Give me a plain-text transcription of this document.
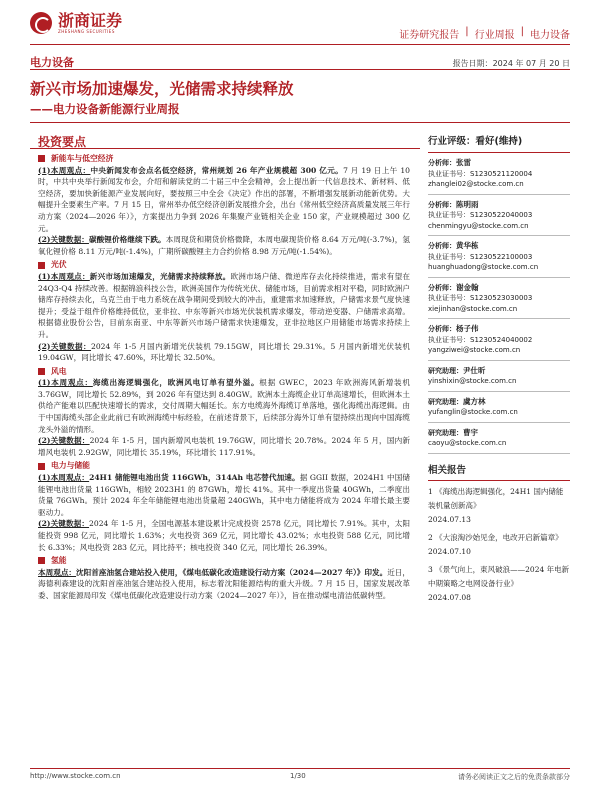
浙商证券
ZHESHANG SECURITIES	证券研究报告 | 行业周报 | 电力设备
电力设备	报告日期：2024 年 07 月 20 日
新兴市场加速爆发，光储需求持续释放
——电力设备新能源行业周报
投资要点
新能车与低空经济
(1)本周观点：中央新闻发布会点名低空经济，常州规划 26 年产业规模超 300 亿元。7 月 19 日上午 10 时，中共中央举行新闻发布会，介绍和解读党的二十届三中全会精神，会上提出新一代信息技术、新材料、低空经济，要加快新能源产业发展向好，要按照三中全会《决定》作出的部署，不断增强发展新动能新优势。大幅提升全要素生产率。7 月 15 日，常州举办低空经济创新发展推介会，出台《常州低空经济高质量发展三年行动方案（2024—2026 年）》，方案提出力争到 2026 年集聚产业链相关企业 150 家，产业规模超过 300 亿元。
(2)关键数据：碳酸锂价格继续下跌。本周现货和期货价格微降，本周电碳现货价格 8.64 万元/吨(-3.7%)，氢氧化锂价格 8.11 万元/吨(-1.4%)，广期所碳酸锂主力合约价格 8.98 万元/吨(-1.54%)。
光伏
(1)本周观点：新兴市场加速爆发，光储需求持续释放。欧洲市场户储、微逆库存去化持续推进，需求有望在 24Q3-Q4 持续改善。根据锦浪科技公告，欧洲美国作为传统光伏、储能市场，目前需求相对平稳，同时欧洲户储库存持续去化，乌克兰由于电力系统在战争期间受到较大的冲击，重建需求加速释放，户储需求景气度快速提升；受益于组件价格维持低位，亚非拉、中东等新兴市场光伏装机需求爆发，带动逆变器、户储需求高增。根据德业股份公告，目前东南亚、中东等新兴市场户储需求快速爆发，亚非拉地区户用储能市场需求持续上升。
(2)关键数据：2024 年 1-5 月国内新增光伏装机 79.15GW，同比增长 29.31%。5 月国内新增光伏装机 19.04GW，同比增长 47.60%，环比增长 32.50%。
风电
(1)本周观点：海缆出海逻辑强化，欧洲风电订单有望外溢。根据 GWEC，2023 年欧洲海风新增装机 3.76GW，同比增长 52.89%，到 2026 年有望达到 8.40GW。欧洲本土海缆企业订单高速增长，但欧洲本土供给产能难以匹配快速增长的需求，交付周期大幅延长。东方电缆海外海缆订单落地，强化海缆出海逻辑。由于中国海缆头部企业此前已有欧洲海缆中标经验，在前述背景下，后续部分海外订单有望持续出现向中国海缆龙头外溢的情形。
(2)关键数据：2024 年 1-5 月，国内新增风电装机 19.76GW，同比增长 20.78%。2024 年 5 月，国内新增风电装机 2.92GW，同比增长 35.19%，环比增长 117.91%。
电力与储能
(1)本周观点：24H1 储能锂电池出货 116GWh，314Ah 电芯替代加速。据 GGII 数据，2024H1 中国储能锂电池出货量 116GWh，相较 2023H1 的 87GWh，增长 41%。其中一季度出货量 40GWh，二季度出货量 76GWh。预计 2024 年全年储能锂电池出货量超 240GWh，其中电力储能将成为 2024 年增长最主要驱动力。
(2)关键数据：2024 年 1-5 月，全国电源基本建设累计完成投资 2578 亿元，同比增长 7.91%。其中，太阳能投资 998 亿元，同比增长 1.63%；火电投资 369 亿元，同比增长 43.02%；水电投资 588 亿元，同比增长 6.33%；风电投资 283 亿元，同比持平；核电投资 340 亿元，同比增长 26.39%。
氢能
本周观点：沈阳首座油氢合建站投入使用，《煤电低碳化改造建设行动方案（2024—2027 年）》印发。近日，海德利森建设的沈阳首座油氢合建站投入使用，标志着沈阳能源结构的重大升级。7 月 15 日，国家发展改革委、国家能源局印发《煤电低碳化改造建设行动方案（2024—2027 年）》，旨在推动煤电清洁低碳转型。
行业评级：看好(维持)
分析师：张雷
执业证书号：S1230521120004
zhanglei02@stocke.com.cn
分析师：陈明雨
执业证书号：S1230522040003
chenmingyu@stocke.com.cn
分析师：黄华栋
执业证书号：S1230522100003
huanghuadong@stocke.com.cn
分析师：谢金翰
执业证书号：S1230523030003
xiejinhan@stocke.com.cn
分析师：杨子伟
执业证书号：S1230524040002
yangziwei@stocke.com.cn
研究助理：尹仕昕
yinshixin@stocke.com.cn
研究助理：虞方林
yufanglin@stocke.com.cn
研究助理：曹宇
caoyu@stocke.com.cn
相关报告
1 《海缆出海逻辑强化，24H1 国内储能装机量创新高》
2024.07.13
2 《大浪淘沙始见金，电改开启新篇章》
2024.07.10
3 《景气向上，東风破浪——2024 年电新中期策略之电网设备行业》
2024.07.08
http://www.stocke.com.cn	1/30	请务必阅读正文之后的免责条款部分
